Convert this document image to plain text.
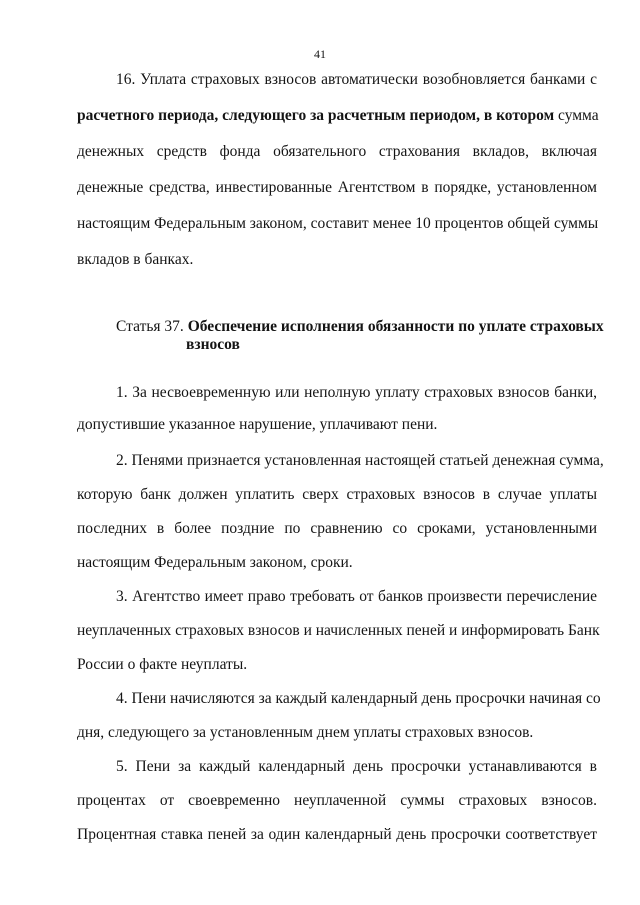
41
16. Уплата страховых взносов автоматически возобновляется банками с
расчетного периода, следующего за расчетным периодом, в котором сумма
денежных средств фонда обязательного страхования вкладов, включая
денежные средства, инвестированные Агентством в порядке, установленном
настоящим Федеральным законом, составит менее 10 процентов общей суммы
вкладов в банках.
Статья 37. Обеспечение исполнения обязанности по уплате страховых
взносов
1. За несвоевременную или неполную уплату страховых взносов банки,
допустившие указанное нарушение, уплачивают пени.
2. Пенями признается установленная настоящей статьей денежная сумма,
которую банк должен уплатить сверх страховых взносов в случае уплаты
последних в более поздние по сравнению со сроками, установленными
настоящим Федеральным законом, сроки.
3. Агентство имеет право требовать от банков произвести перечисление
неуплаченных страховых взносов и начисленных пеней и информировать Банк
России о факте неуплаты.
4. Пени начисляются за каждый календарный день просрочки начиная со
дня, следующего за установленным днем уплаты страховых взносов.
5. Пени за каждый календарный день просрочки устанавливаются в
процентах от своевременно неуплаченной суммы страховых взносов.
Процентная ставка пеней за один календарный день просрочки соответствует
